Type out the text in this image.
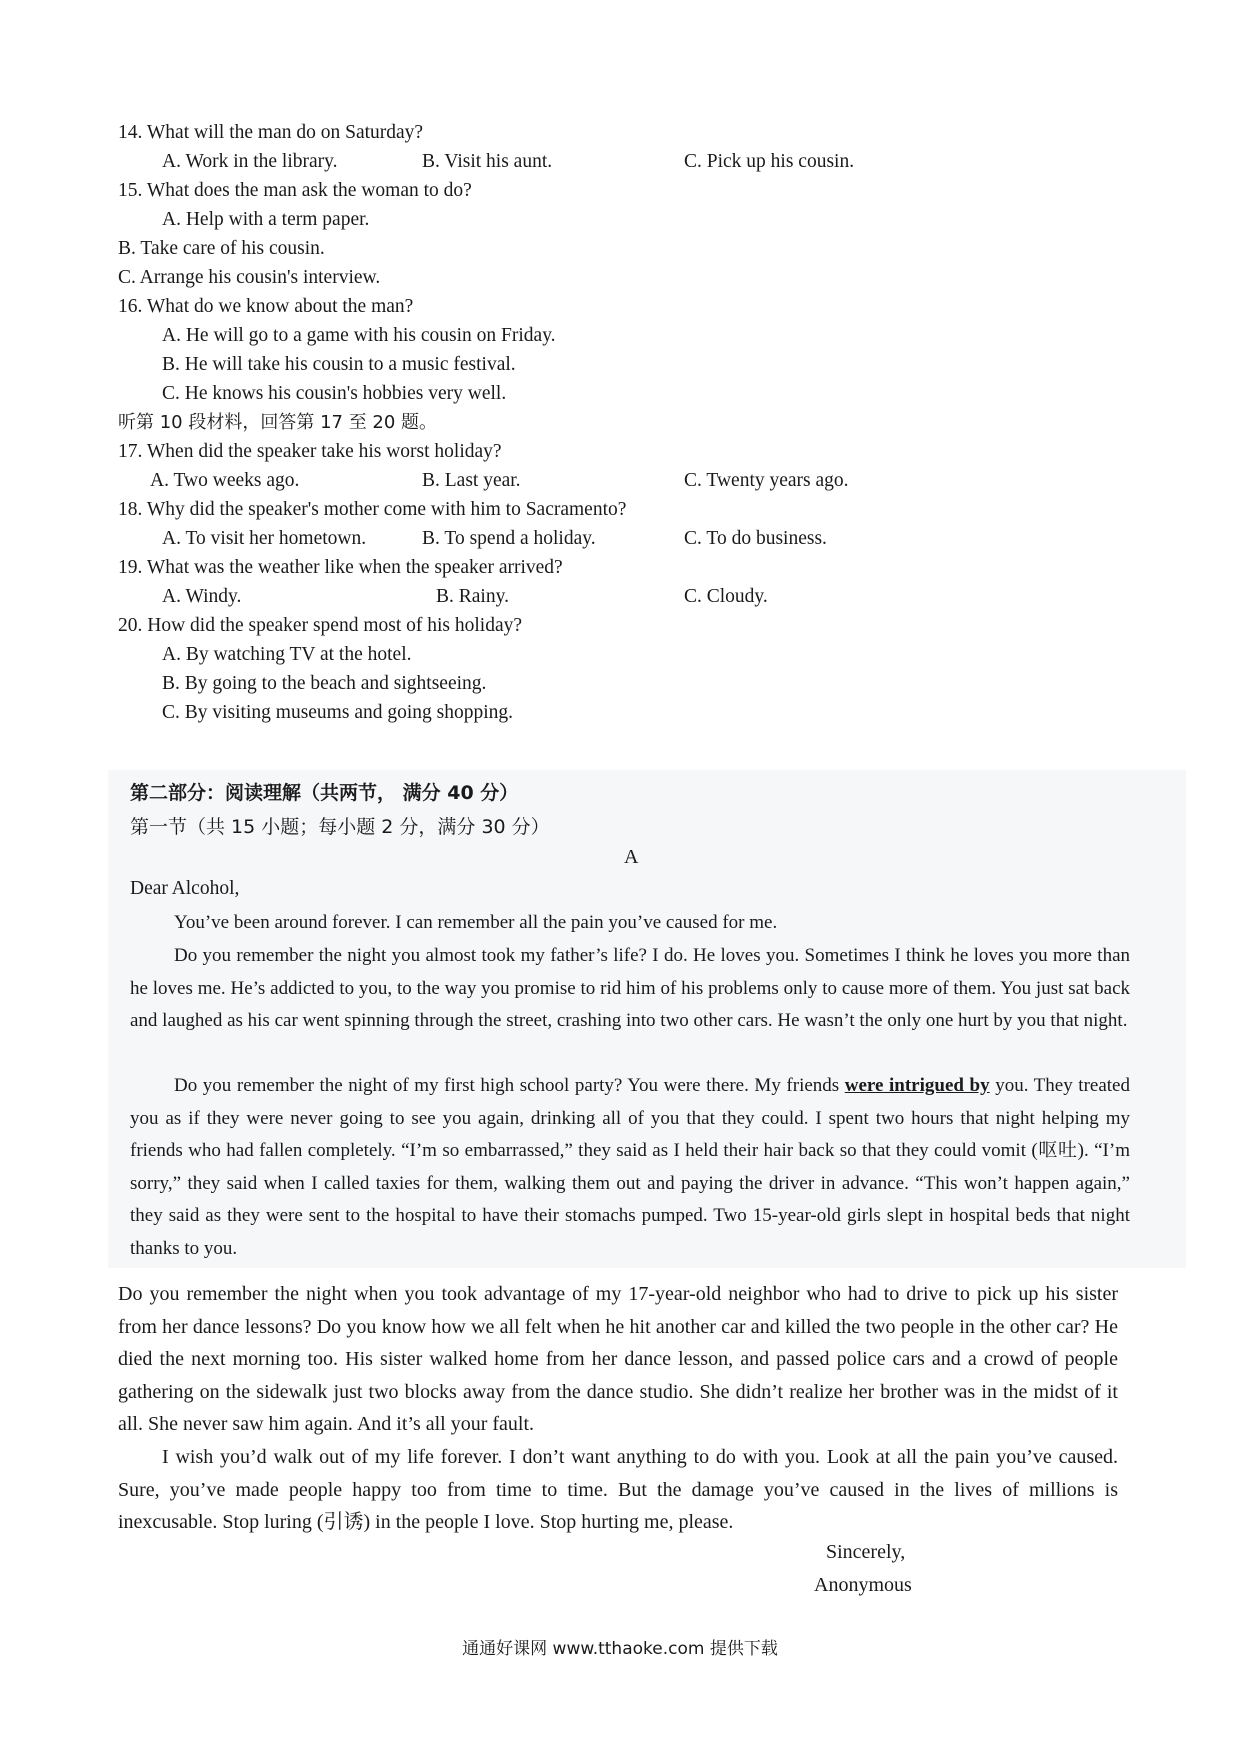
14. What will the man do on Saturday?
A. Work in the library.	B. Visit his aunt.	C. Pick up his cousin.
15. What does the man ask the woman to do?
A. Help with a term paper.
B. Take care of his cousin.
C. Arrange his cousin's interview.
16. What do we know about the man?
A. He will go to a game with his cousin on Friday.
B. He will take his cousin to a music festival.
C. He knows his cousin's hobbies very well.
听第 10 段材料，回答第 17 至 20 题。
17. When did the speaker take his worst holiday?
A. Two weeks ago.	B. Last year.	C. Twenty years ago.
18. Why did the speaker's mother come with him to Sacramento?
A. To visit her hometown.	B. To spend a holiday.	C. To do business.
19. What was the weather like when the speaker arrived?
A. Windy.	B. Rainy.	C. Cloudy.
20. How did the speaker spend most of his holiday?
A. By watching TV at the hotel.
B. By going to the beach and sightseeing.
C. By visiting museums and going shopping.
第二部分：阅读理解（共两节， 满分 40 分）
第一节（共 15 小题；每小题 2 分，满分 30 分）
A
Dear Alcohol,
You’ve been around forever. I can remember all the pain you’ve caused for me.
Do you remember the night you almost took my father’s life? I do. He loves you. Sometimes I think he loves you more than he loves me. He’s addicted to you, to the way you promise to rid him of his problems only to cause more of them. You just sat back and laughed as his car went spinning through the street, crashing into two other cars. He wasn’t the only one hurt by you that night.
Do you remember the night of my first high school party? You were there. My friends were intrigued by you. They treated you as if they were never going to see you again, drinking all of you that they could. I spent two hours that night helping my friends who had fallen completely. “I’m so embarrassed,” they said as I held their hair back so that they could vomit (呕吐). “I’m sorry,” they said when I called taxies for them, walking them out and paying the driver in advance. “This won’t happen again,” they said as they were sent to the hospital to have their stomachs pumped. Two 15-year-old girls slept in hospital beds that night thanks to you.
Do you remember the night when you took advantage of my 17-year-old neighbor who had to drive to pick up his sister from her dance lessons? Do you know how we all felt when he hit another car and killed the two people in the other car? He died the next morning too. His sister walked home from her dance lesson, and passed police cars and a crowd of people gathering on the sidewalk just two blocks away from the dance studio. She didn’t realize her brother was in the midst of it all. She never saw him again. And it’s all your fault.
I wish you’d walk out of my life forever. I don’t want anything to do with you. Look at all the pain you’ve caused. Sure, you’ve made people happy too from time to time. But the damage you’ve caused in the lives of millions is inexcusable. Stop luring (引诱) in the people I love. Stop hurting me, please.
Sincerely,
Anonymous
通通好课网 www.tthaoke.com 提供下载
